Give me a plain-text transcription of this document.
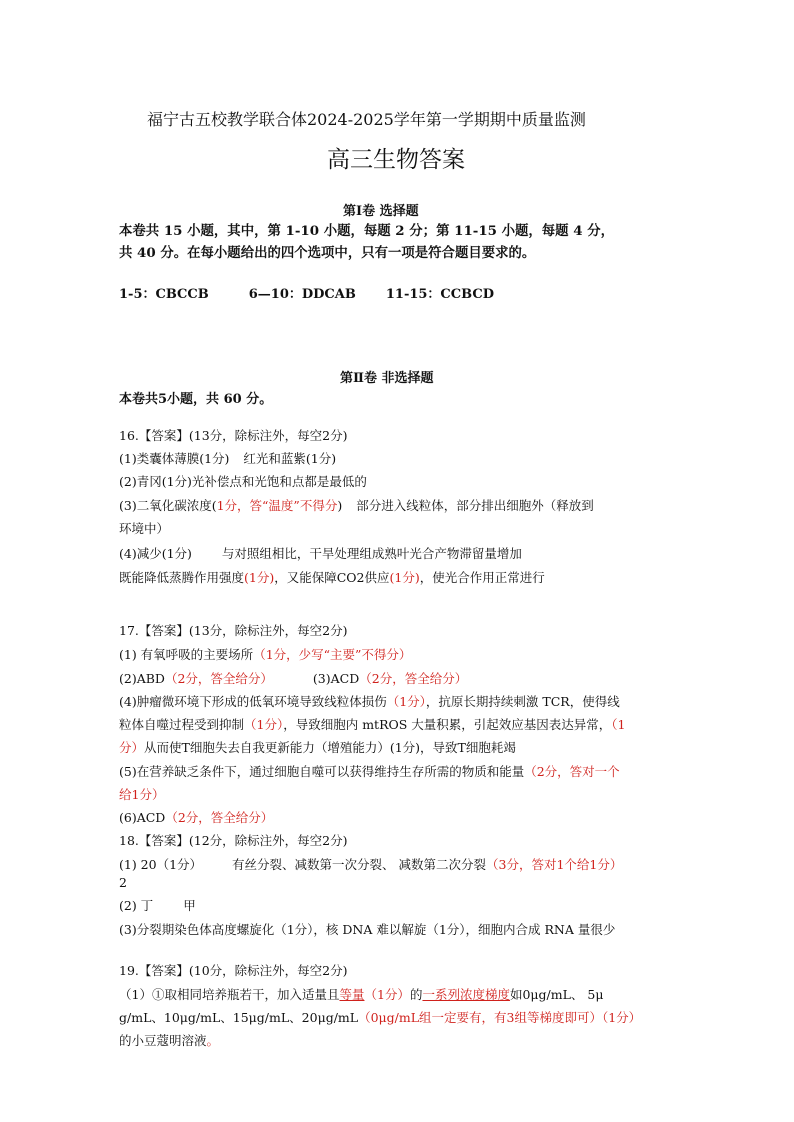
福宁古五校教学联合体2024-2025学年第一学期期中质量监测
高三生物答案
第Ⅰ卷 选择题
本卷共 15 小题，其中，第 1-10 小题，每题 2 分；第 11-15 小题，每题 4 分，
共 40 分。在每小题给出的四个选项中，只有一项是符合题目要求的。
1-5：CBCCB	6—10：DDCAB 11-15：CCBCD
第Ⅱ卷 非选择题
本卷共5小题，共 60 分。
16.【答案】(13分，除标注外，每空2分)
(1)类囊体薄膜(1分) 红光和蓝紫(1分)
(2)青冈(1分)光补偿点和光饱和点都是最低的
(3)二氧化碳浓度(1分，答“温度”不得分) 部分进入线粒体，部分排出细胞外（释放到
环境中）
(4)减少(1分) 与对照组相比，干旱处理组成熟叶光合产物滞留量增加
既能降低蒸腾作用强度(1分)，又能保障CO2供应(1分)，使光合作用正常进行
17.【答案】(13分，除标注外，每空2分)
(1) 有氧呼吸的主要场所（1分，少写“主要”不得分）
(2)ABD（2分，答全给分）	(3)ACD（2分，答全给分）
(4)肿瘤微环境下形成的低氧环境导致线粒体损伤（1分），抗原长期持续刺激 TCR，使得线
粒体自噬过程受到抑制（1分），导致细胞内 mtROS 大量积累，引起效应基因表达异常，（1
分）从而使T细胞失去自我更新能力（增殖能力）(1分)，导致T细胞耗竭
(5)在营养缺乏条件下，通过细胞自噬可以获得维持生存所需的物质和能量（2分，答对一个
给1分）
(6)ACD（2分，答全给分）
18.【答案】(12分，除标注外，每空2分)
(1) 20（1分） 有丝分裂、减数第一次分裂、 减数第二次分裂（3分，答对1个给1分）
2
(2) 丁 甲
(3)分裂期染色体高度螺旋化（1分），核 DNA 难以解旋（1分），细胞内合成 RNA 量很少
19.【答案】(10分，除标注外，每空2分)
（1）①取相同培养瓶若干，加入适量且等量（1分）的一系列浓度梯度如0μg/mL、 5μ
g/mL、10μg/mL、15μg/mL、20μg/mL（0μg/mL组一定要有，有3组等梯度即可）（1分）
的小豆蔻明溶液。
